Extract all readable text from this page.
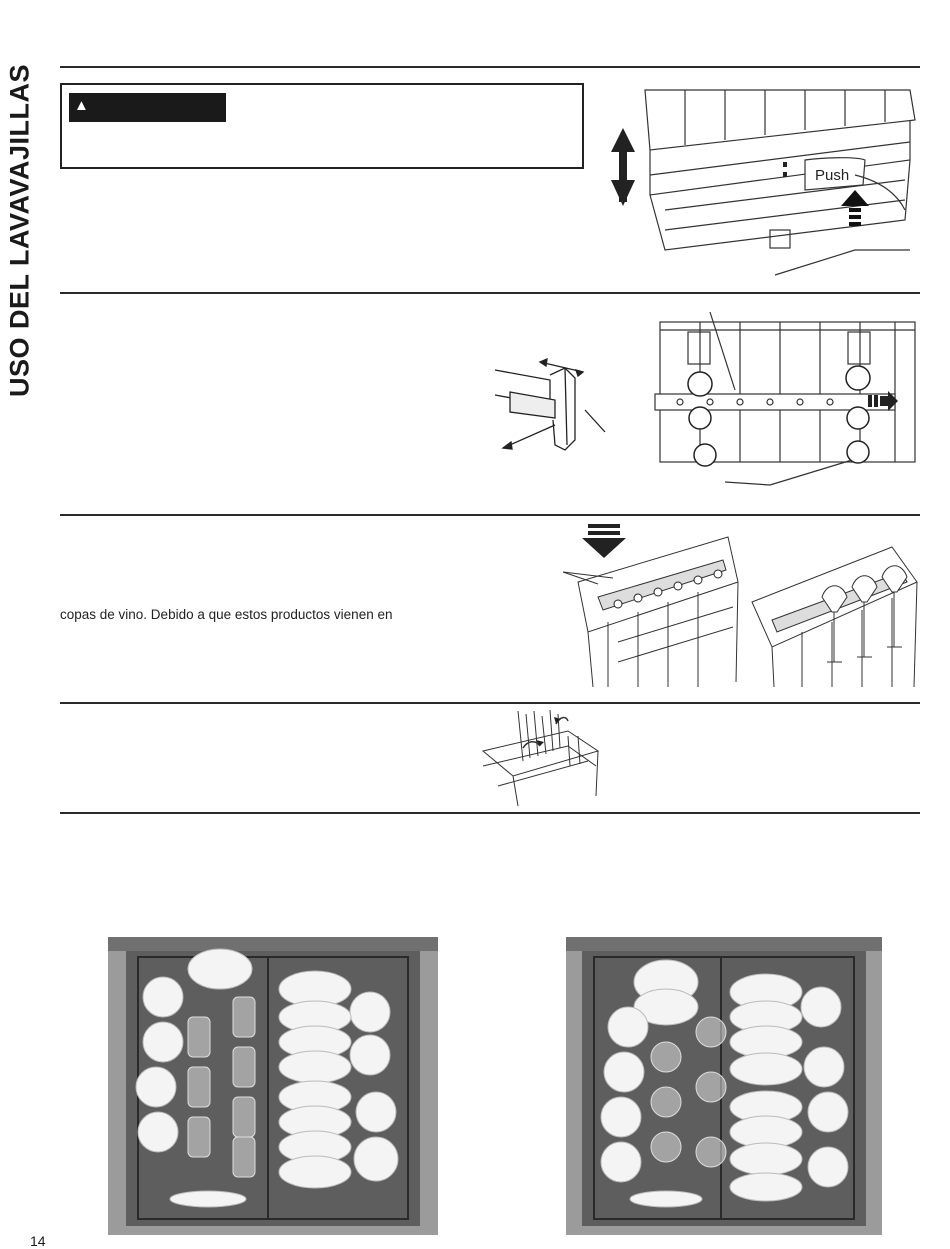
USO DEL LAVAVAJILLAS	▲
Push
copas de vino. Debido a que estos productos vienen en
14
